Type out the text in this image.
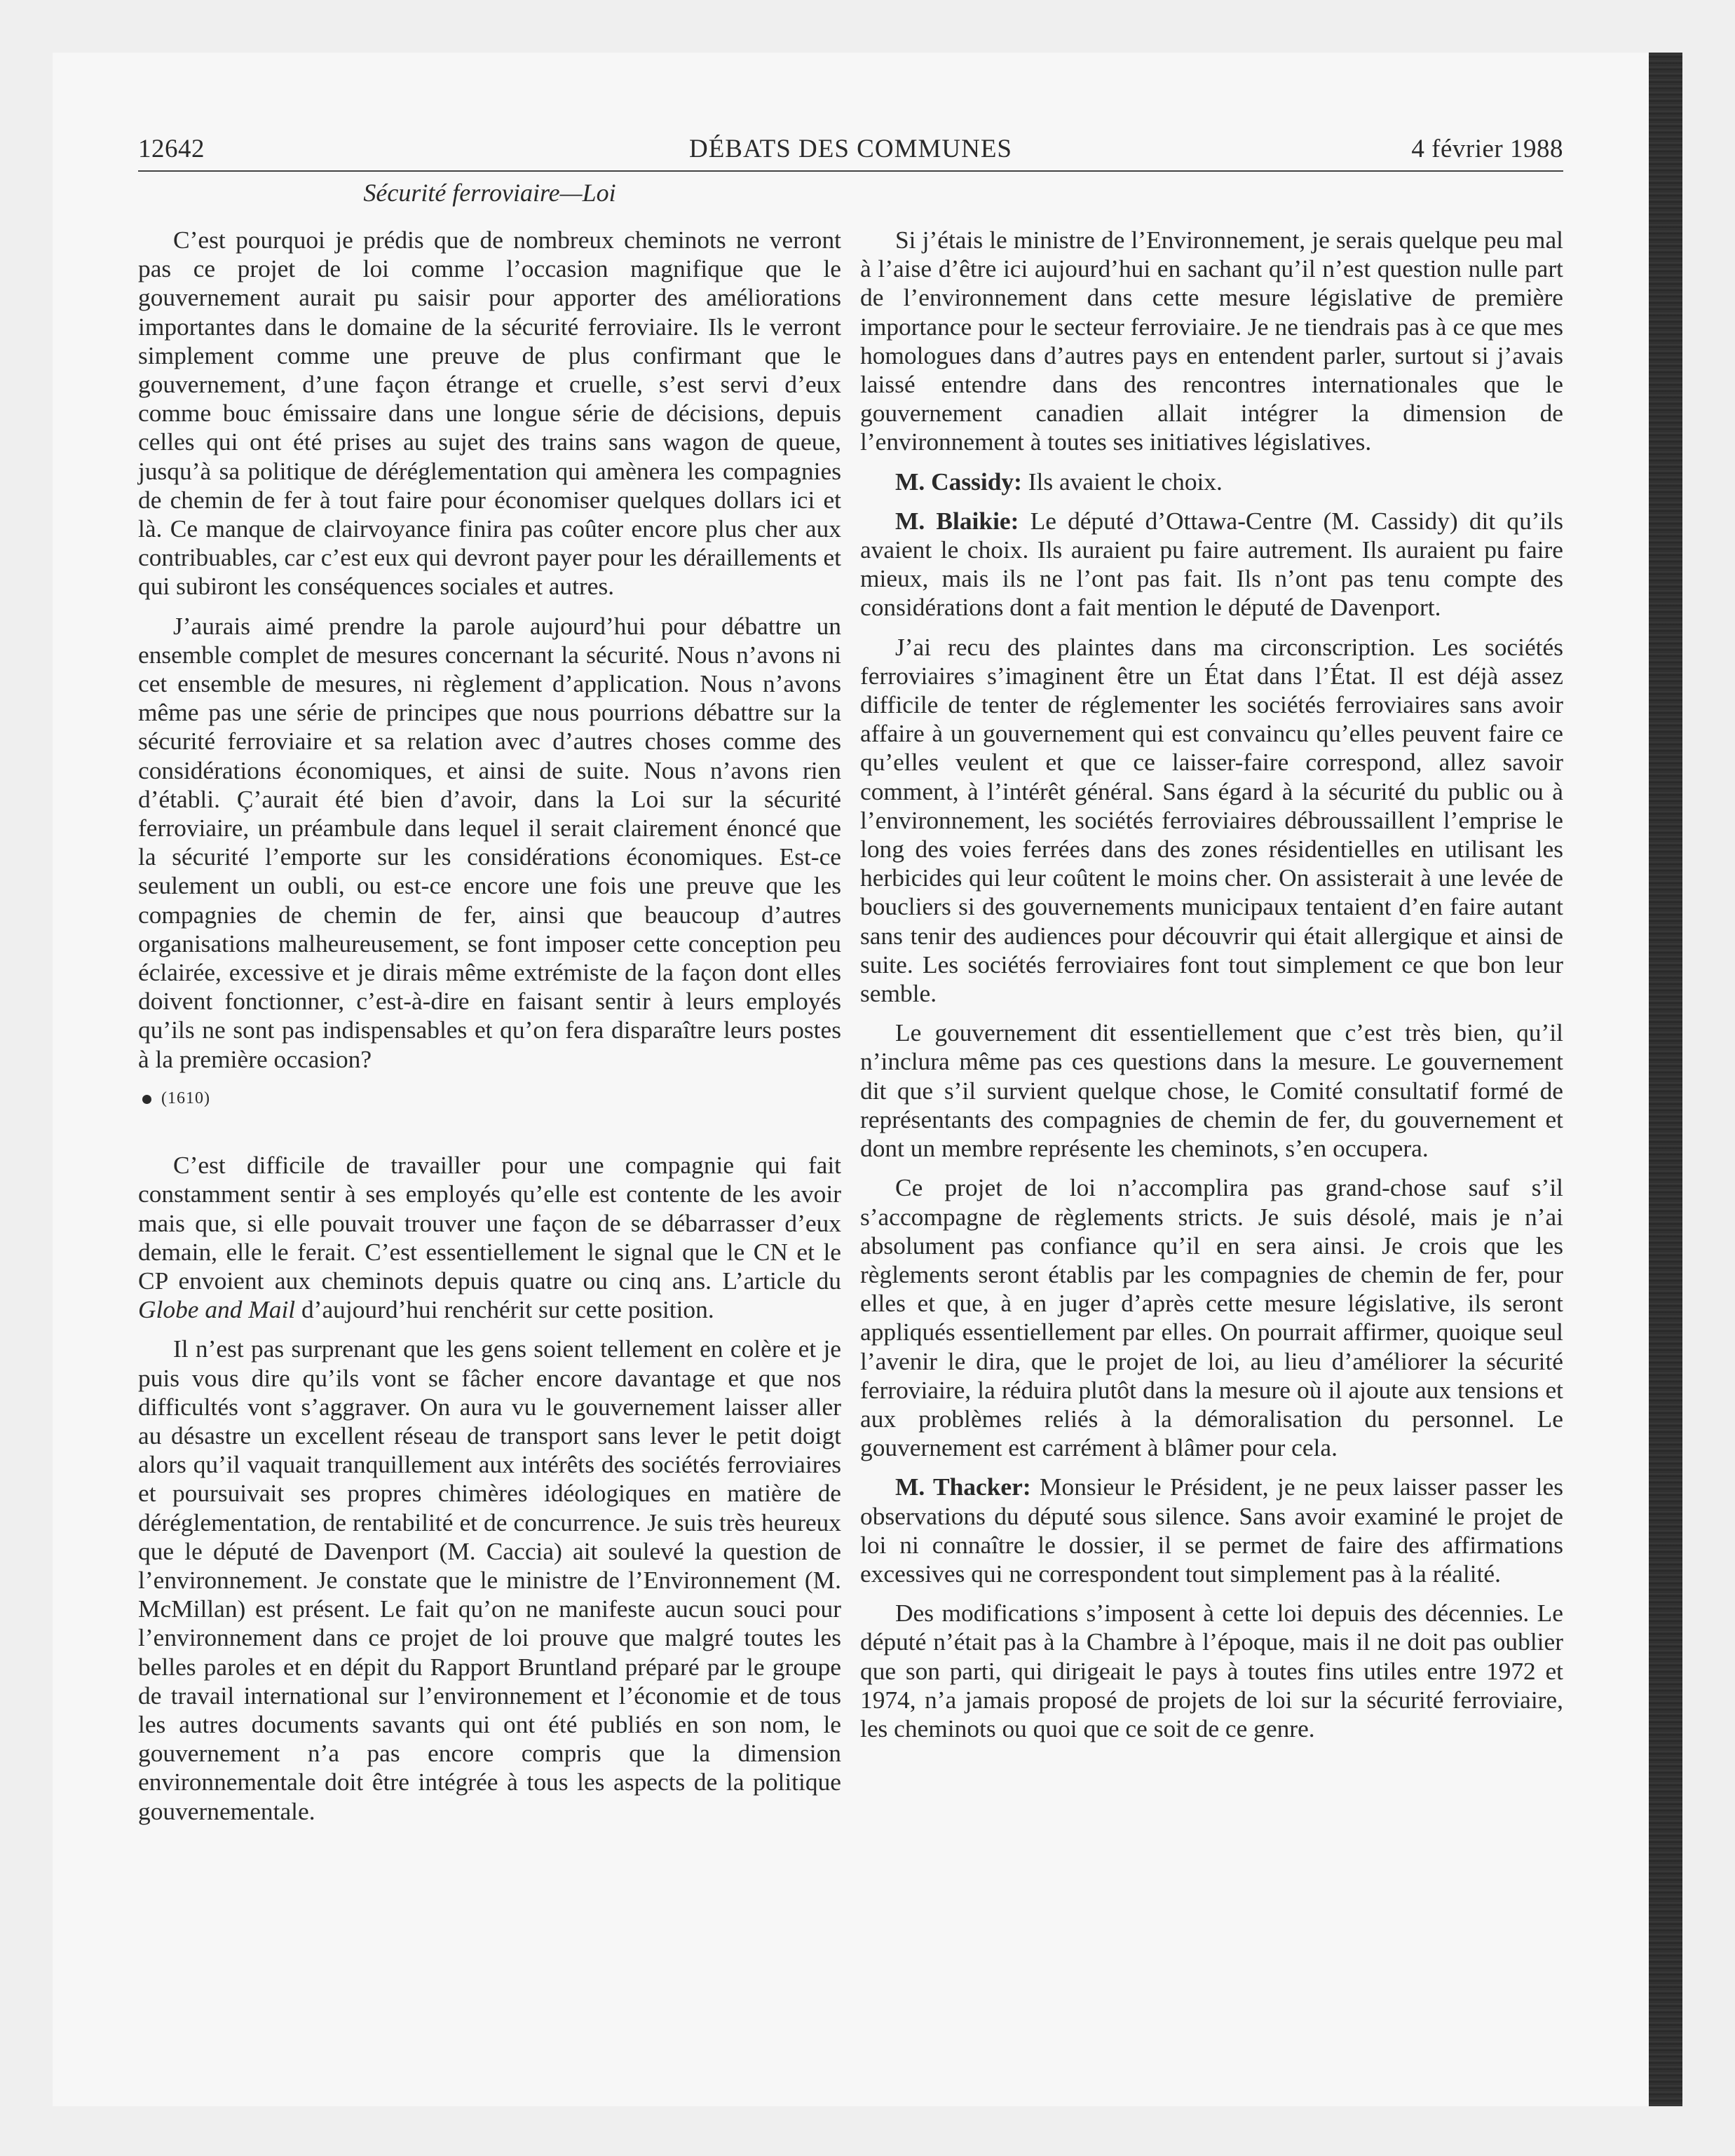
12642	DÉBATS DES COMMUNES	4 février 1988
Sécurité ferroviaire—Loi

C’est pourquoi je prédis que de nombreux cheminots ne verront pas ce projet de loi comme l’occasion magnifique que le gouvernement aurait pu saisir pour apporter des améliorations importantes dans le domaine de la sécurité ferroviaire. Ils le verront simplement comme une preuve de plus confirmant que le gouvernement, d’une façon étrange et cruelle, s’est servi d’eux comme bouc émissaire dans une longue série de décisions, depuis celles qui ont été prises au sujet des trains sans wagon de queue, jusqu’à sa politique de déréglementation qui amènera les compagnies de chemin de fer à tout faire pour économiser quelques dollars ici et là. Ce manque de clairvoyance finira pas coûter encore plus cher aux contribuables, car c’est eux qui devront payer pour les déraillements et qui subiront les conséquences sociales et autres.

J’aurais aimé prendre la parole aujourd’hui pour débattre un ensemble complet de mesures concernant la sécurité. Nous n’avons ni cet ensemble de mesures, ni règlement d’application. Nous n’avons même pas une série de principes que nous pourrions débattre sur la sécurité ferroviaire et sa relation avec d’autres choses comme des considérations économiques, et ainsi de suite. Nous n’avons rien d’établi. Ç’aurait été bien d’avoir, dans la Loi sur la sécurité ferroviaire, un préambule dans lequel il serait clairement énoncé que la sécurité l’emporte sur les considérations économiques. Est-ce seulement un oubli, ou est-ce encore une fois une preuve que les compagnies de chemin de fer, ainsi que beaucoup d’autres organisations malheureusement, se font imposer cette conception peu éclairée, excessive et je dirais même extrémiste de la façon dont elles doivent fonctionner, c’est-à-dire en faisant sentir à leurs employés qu’ils ne sont pas indispensables et qu’on fera disparaître leurs postes à la première occasion?

(1610)

C’est difficile de travailler pour une compagnie qui fait constamment sentir à ses employés qu’elle est contente de les avoir mais que, si elle pouvait trouver une façon de se débarrasser d’eux demain, elle le ferait. C’est essentiellement le signal que le CN et le CP envoient aux cheminots depuis quatre ou cinq ans. L’article du Globe and Mail d’aujourd’hui renchérit sur cette position.

Il n’est pas surprenant que les gens soient tellement en colère et je puis vous dire qu’ils vont se fâcher encore davantage et que nos difficultés vont s’aggraver. On aura vu le gouvernement laisser aller au désastre un excellent réseau de transport sans lever le petit doigt alors qu’il vaquait tranquillement aux intérêts des sociétés ferroviaires et poursuivait ses propres chimères idéologiques en matière de déréglementation, de rentabilité et de concurrence. Je suis très heureux que le député de Davenport (M. Caccia) ait soulevé la question de l’environnement. Je constate que le ministre de l’Environnement (M. McMillan) est présent. Le fait qu’on ne manifeste aucun souci pour l’environnement dans ce projet de loi prouve que malgré toutes les belles paroles et en dépit du Rapport Bruntland préparé par le groupe de travail international sur l’environnement et l’économie et de tous les autres documents savants qui ont été publiés en son nom, le gouvernement n’a pas encore compris que la dimension environnementale doit être intégrée à tous les aspects de la politique gouvernementale.

Si j’étais le ministre de l’Environnement, je serais quelque peu mal à l’aise d’être ici aujourd’hui en sachant qu’il n’est question nulle part de l’environnement dans cette mesure législative de première importance pour le secteur ferroviaire. Je ne tiendrais pas à ce que mes homologues dans d’autres pays en entendent parler, surtout si j’avais laissé entendre dans des rencontres internationales que le gouvernement canadien allait intégrer la dimension de l’environnement à toutes ses initiatives législatives.

M. Cassidy: Ils avaient le choix.

M. Blaikie: Le député d’Ottawa-Centre (M. Cassidy) dit qu’ils avaient le choix. Ils auraient pu faire autrement. Ils auraient pu faire mieux, mais ils ne l’ont pas fait. Ils n’ont pas tenu compte des considérations dont a fait mention le député de Davenport.

J’ai recu des plaintes dans ma circonscription. Les sociétés ferroviaires s’imaginent être un État dans l’État. Il est déjà assez difficile de tenter de réglementer les sociétés ferroviaires sans avoir affaire à un gouvernement qui est convaincu qu’elles peuvent faire ce qu’elles veulent et que ce laisser-faire correspond, allez savoir comment, à l’intérêt général. Sans égard à la sécurité du public ou à l’environnement, les sociétés ferroviaires débroussaillent l’emprise le long des voies ferrées dans des zones résidentielles en utilisant les herbicides qui leur coûtent le moins cher. On assisterait à une levée de boucliers si des gouvernements municipaux tentaient d’en faire autant sans tenir des audiences pour découvrir qui était allergique et ainsi de suite. Les sociétés ferroviaires font tout simplement ce que bon leur semble.

Le gouvernement dit essentiellement que c’est très bien, qu’il n’inclura même pas ces questions dans la mesure. Le gouvernement dit que s’il survient quelque chose, le Comité consultatif formé de représentants des compagnies de chemin de fer, du gouvernement et dont un membre représente les cheminots, s’en occupera.

Ce projet de loi n’accomplira pas grand-chose sauf s’il s’accompagne de règlements stricts. Je suis désolé, mais je n’ai absolument pas confiance qu’il en sera ainsi. Je crois que les règlements seront établis par les compagnies de chemin de fer, pour elles et que, à en juger d’après cette mesure législative, ils seront appliqués essentiellement par elles. On pourrait affirmer, quoique seul l’avenir le dira, que le projet de loi, au lieu d’améliorer la sécurité ferroviaire, la réduira plutôt dans la mesure où il ajoute aux tensions et aux problèmes reliés à la démoralisation du personnel. Le gouvernement est carrément à blâmer pour cela.

M. Thacker: Monsieur le Président, je ne peux laisser passer les observations du député sous silence. Sans avoir examiné le projet de loi ni connaître le dossier, il se permet de faire des affirmations excessives qui ne correspondent tout simplement pas à la réalité.

Des modifications s’imposent à cette loi depuis des décennies. Le député n’était pas à la Chambre à l’époque, mais il ne doit pas oublier que son parti, qui dirigeait le pays à toutes fins utiles entre 1972 et 1974, n’a jamais proposé de projets de loi sur la sécurité ferroviaire, les cheminots ou quoi que ce soit de ce genre.
